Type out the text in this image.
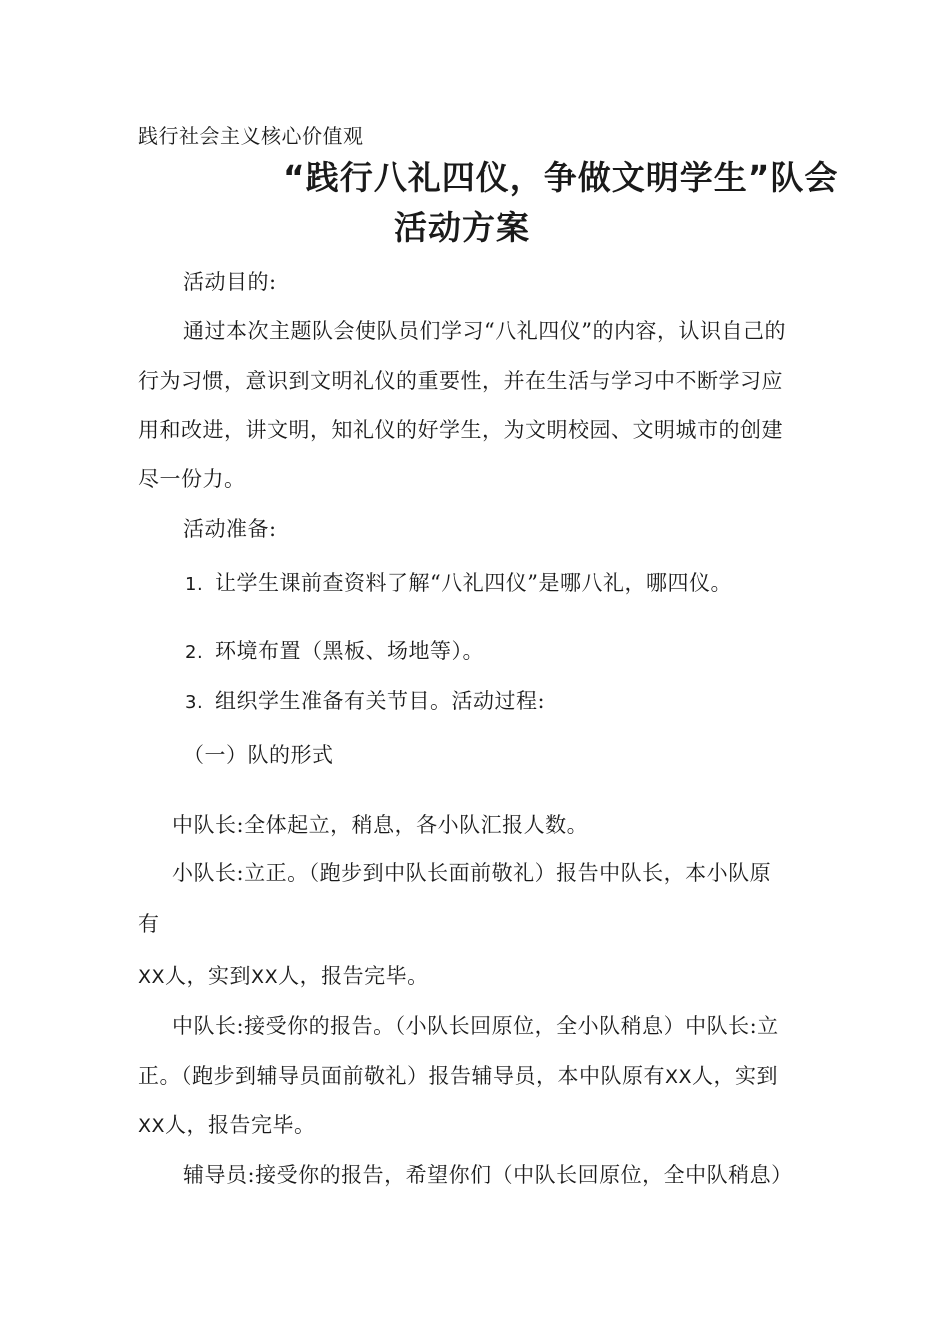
践行社会主义核心价值观
“践行八礼四仪，争做文明学生”队会
活动方案
活动目的:
通过本次主题队会使队员们学习“八礼四仪”的内容，认识自己的
行为习惯，意识到文明礼仪的重要性，并在生活与学习中不断学习应
用和改进，讲文明，知礼仪的好学生，为文明校园、文明城市的创建
尽一份力。
活动准备:
1. 让学生课前查资料了解“八礼四仪”是哪八礼，哪四仪。
2. 环境布置（黑板、场地等）。
3. 组织学生准备有关节目。活动过程:
（一）队的形式
中队长:全体起立，稍息，各小队汇报人数。
小队长:立正。（跑步到中队长面前敬礼）报告中队长，本小队原
有
XX人，实到XX人，报告完毕。
中队长:接受你的报告。（小队长回原位，全小队稍息）中队长:立
正。（跑步到辅导员面前敬礼）报告辅导员，本中队原有XX人，实到
XX人，报告完毕。
辅导员:接受你的报告，希望你们（中队长回原位，全中队稍息）
